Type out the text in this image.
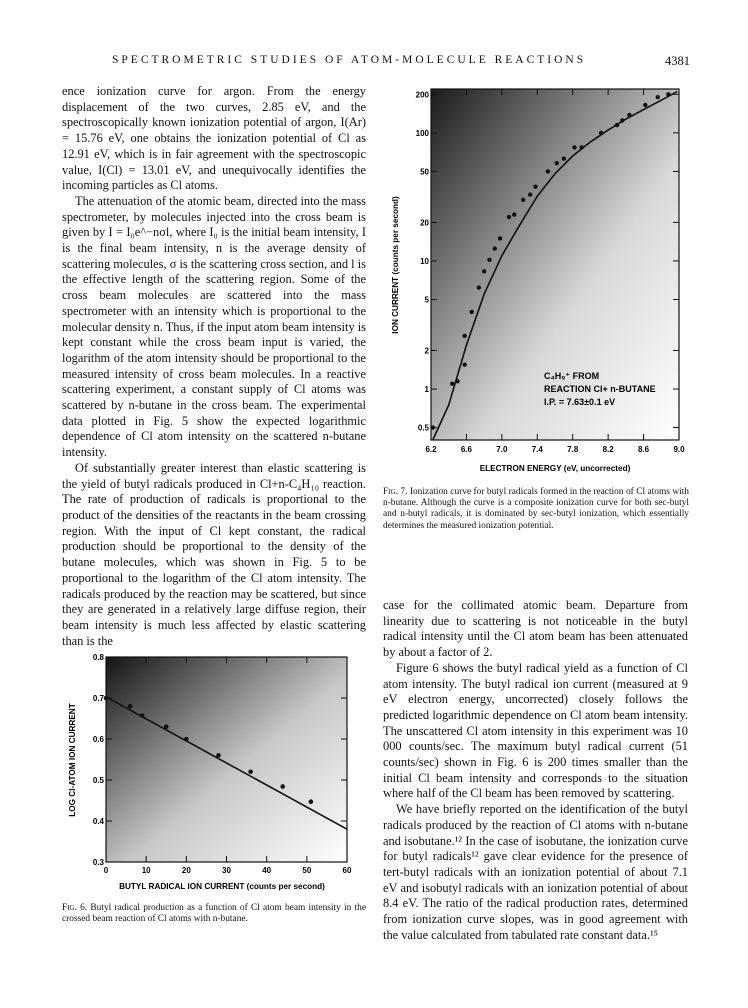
SPECTROMETRIC STUDIES OF ATOM-MOLECULE REACTIONS	4381

ence ionization curve for argon. From the energy displacement of the two curves, 2.85 eV, and the spectroscopically known ionization potential of argon, I(Ar) = 15.76 eV, one obtains the ionization potential of Cl as 12.91 eV, which is in fair agreement with the spectroscopic value, I(Cl) = 13.01 eV, and unequivocally identifies the incoming particles as Cl atoms.

The attenuation of the atomic beam, directed into the mass spectrometer, by molecules injected into the cross beam is given by I = I₀e^−nσl, where I₀ is the initial beam intensity, I is the final beam intensity, n is the average density of scattering molecules, σ is the scattering cross section, and l is the effective length of the scattering region. Some of the cross beam molecules are scattered into the mass spectrometer with an intensity which is proportional to the molecular density n. Thus, if the input atom beam intensity is kept constant while the cross beam input is varied, the logarithm of the atom intensity should be proportional to the measured intensity of cross beam molecules. In a reactive scattering experiment, a constant supply of Cl atoms was scattered by n-butane in the cross beam. The experimental data plotted in Fig. 5 show the expected logarithmic dependence of Cl atom intensity on the scattered n-butane intensity.

Of substantially greater interest than elastic scattering is the yield of butyl radicals produced in Cl+n-C₄H₁₀ reaction. The rate of production of radicals is proportional to the product of the densities of the reactants in the beam crossing region. With the input of Cl kept constant, the radical production should be proportional to the density of the butane molecules, which was shown in Fig. 5 to be proportional to the logarithm of the Cl atom intensity. The radicals produced by the reaction may be scattered, but since they are generated in a relatively large diffuse region, their beam intensity is much less affected by elastic scattering than is the

case for the collimated atomic beam. Departure from linearity due to scattering is not noticeable in the butyl radical intensity until the Cl atom beam has been attenuated by about a factor of 2.

Figure 6 shows the butyl radical yield as a function of Cl atom intensity. The butyl radical ion current (measured at 9 eV electron energy, uncorrected) closely follows the predicted logarithmic dependence on Cl atom beam intensity. The unscattered Cl atom intensity in this experiment was 10 000 counts/sec. The maximum butyl radical current (51 counts/sec) shown in Fig. 6 is 200 times smaller than the initial Cl beam intensity and corresponds to the situation where half of the Cl beam has been removed by scattering.

We have briefly reported on the identification of the butyl radicals produced by the reaction of Cl atoms with n-butane and isobutane.¹² In the case of isobutane, the ionization curve for butyl radicals¹² gave clear evidence for the presence of tert-butyl radicals with an ionization potential of about 7.1 eV and isobutyl radicals with an ionization potential of about 8.4 eV. The ratio of the radical production rates, determined from ionization curve slopes, was in good agreement with the value calculated from tabulated rate constant data.¹⁵

0.5
1
2
5
10
20
50
100
200
6.2	6.6	7.0	7.4	7.8	8.2	8.6	9.0
C₄H₉⁺ FROM
REACTION Cl+ n-BUTANE
I.P. = 7.63±0.1 eV
ELECTRON ENERGY (eV, uncorrected)
ION CURRENT (counts per second)
Fig. 7. Ionization curve for butyl radicals formed in the reaction of Cl atoms with n-butane. Although the curve is a composite ionization curve for both sec-butyl and n-butyl radicals, it is dominated by sec-butyl ionization, which essentially determines the measured ionization potential.
0.3
0.4
0.5
0.6
0.7
0.8
0	10	20	30	40	50	60
BUTYL RADICAL ION CURRENT (counts per second)
LOG Cl-ATOM ION CURRENT
Fig. 6. Butyl radical production as a function of Cl atom beam intensity in the crossed beam reaction of Cl atoms with n-butane.
